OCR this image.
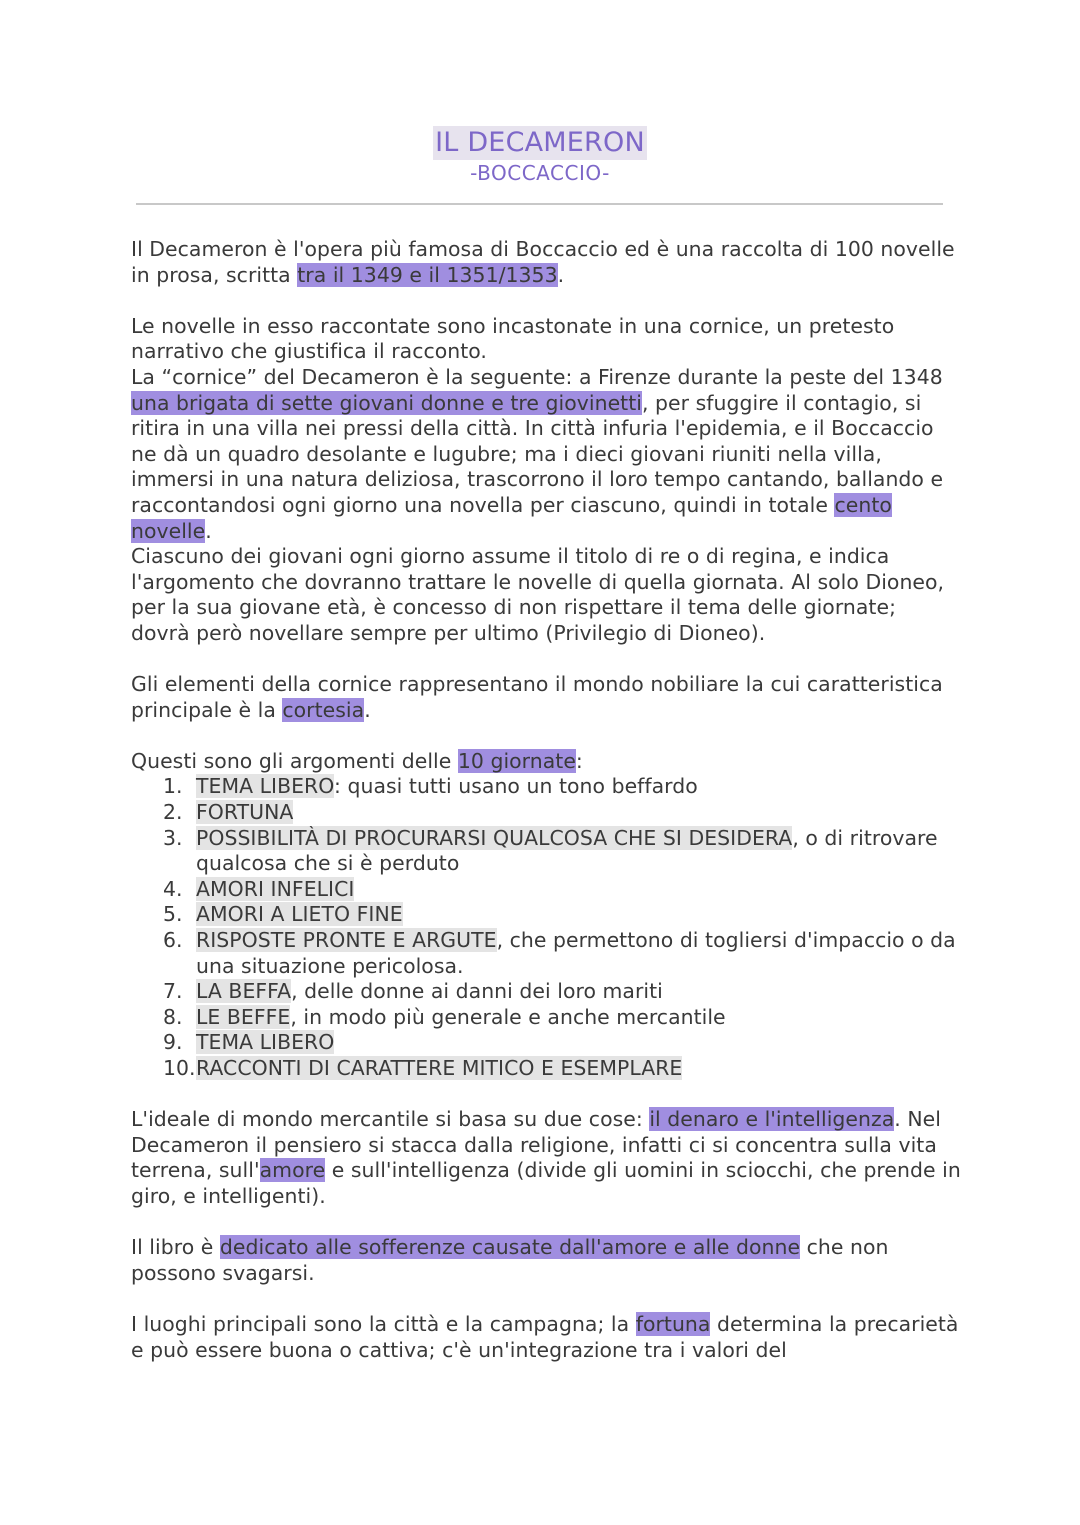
IL DECAMERON
-BOCCACCIO-

Il Decameron è l'opera più famosa di Boccaccio ed è una raccolta di 100 novelle in prosa, scritta tra il 1349 e il 1351/1353.

Le novelle in esso raccontate sono incastonate in una cornice, un pretesto narrativo che giustifica il racconto.

La “cornice” del Decameron è la seguente: a Firenze durante la peste del 1348 una brigata di sette giovani donne e tre giovinetti, per sfuggire il contagio, si ritira in una villa nei pressi della città. In città infuria l'epidemia, e il Boccaccio ne dà un quadro desolante e lugubre; ma i dieci giovani riuniti nella villa, immersi in una natura deliziosa, trascorrono il loro tempo cantando, ballando e raccontandosi ogni giorno una novella per ciascuno, quindi in totale cento novelle.

Ciascuno dei giovani ogni giorno assume il titolo di re o di regina, e indica l'argomento che dovranno trattare le novelle di quella giornata. Al solo Dioneo, per la sua giovane età, è concesso di non rispettare il tema delle giornate; dovrà però novellare sempre per ultimo (Privilegio di Dioneo).

Gli elementi della cornice rappresentano il mondo nobiliare la cui caratteristica principale è la cortesia.

Questi sono gli argomenti delle 10 giornate:

1. TEMA LIBERO: quasi tutti usano un tono beffardo
2. FORTUNA
3. POSSIBILITÀ DI PROCURARSI QUALCOSA CHE SI DESIDERA, o di ritrovare qualcosa che si è perduto
4. AMORI INFELICI
5. AMORI A LIETO FINE
6. RISPOSTE PRONTE E ARGUTE, che permettono di togliersi d'impaccio o da una situazione pericolosa.
7. LA BEFFA, delle donne ai danni dei loro mariti
8. LE BEFFE, in modo più generale e anche mercantile
9. TEMA LIBERO
10. RACCONTI DI CARATTERE MITICO E ESEMPLARE

L'ideale di mondo mercantile si basa su due cose: il denaro e l'intelligenza. Nel Decameron il pensiero si stacca dalla religione, infatti ci si concentra sulla vita terrena, sull'amore e sull'intelligenza (divide gli uomini in sciocchi, che prende in giro, e intelligenti).

Il libro è dedicato alle sofferenze causate dall'amore e alle donne che non possono svagarsi.

I luoghi principali sono la città e la campagna; la fortuna determina la precarietà e può essere buona o cattiva; c'è un'integrazione tra i valori del
